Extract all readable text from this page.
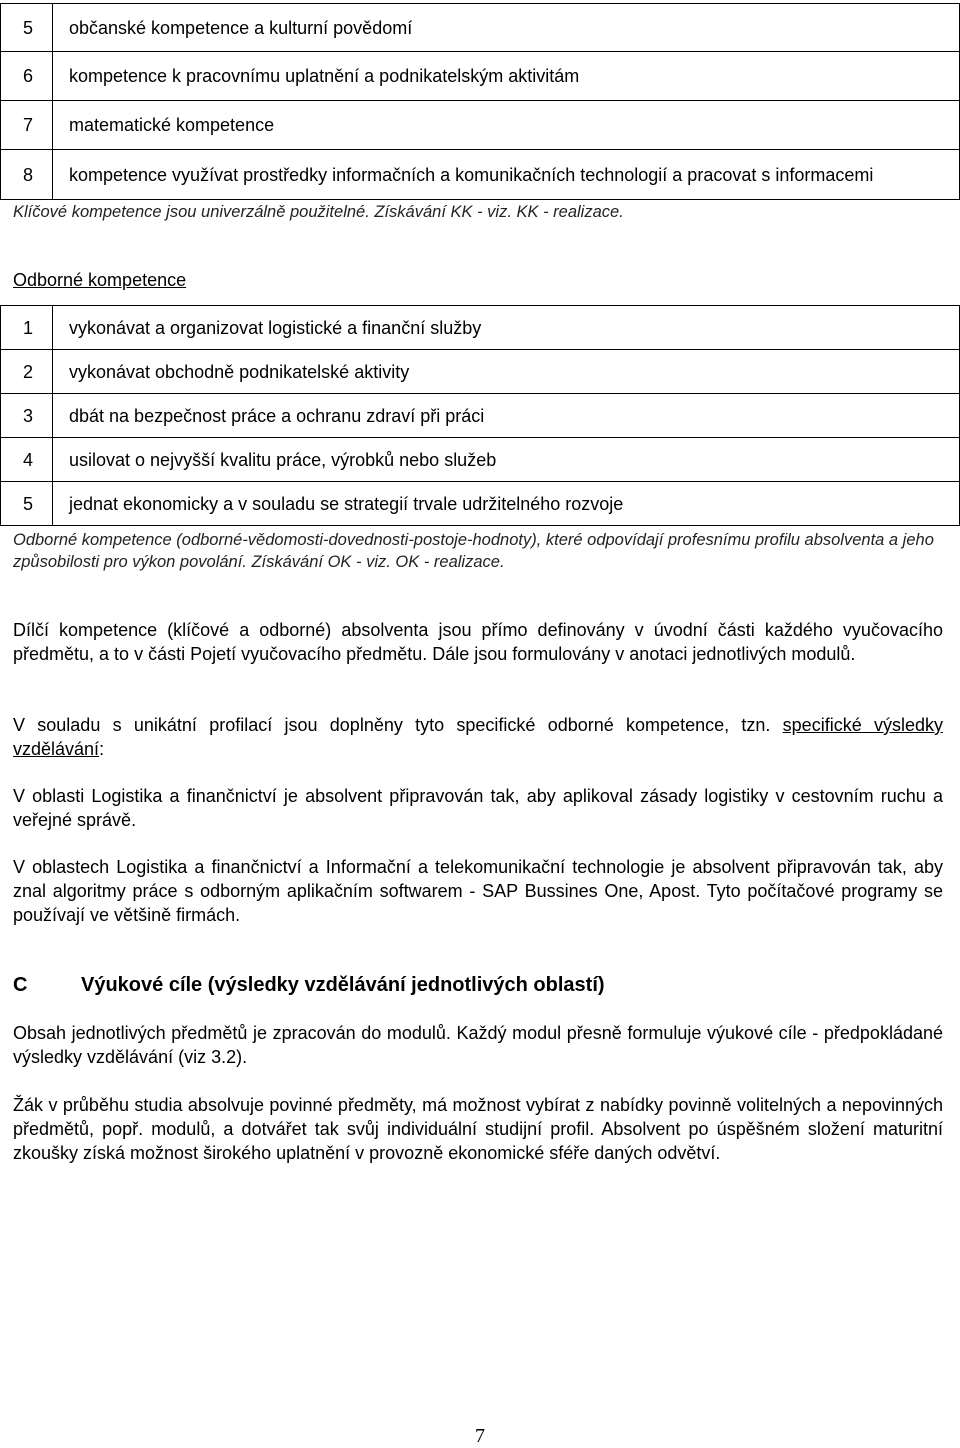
5	občanské kompetence a kulturní povědomí
6	kompetence k pracovnímu uplatnění a podnikatelským aktivitám
7	matematické kompetence
8	kompetence využívat prostředky informačních a komunikačních technologií a pracovat s informacemi
Klíčové kompetence jsou univerzálně použitelné. Získávání KK - viz. KK - realizace.
Odborné kompetence
1	vykonávat a organizovat logistické a finanční služby
2	vykonávat obchodně podnikatelské aktivity
3	dbát na bezpečnost práce a ochranu zdraví při práci
4	usilovat o nejvyšší kvalitu práce, výrobků nebo služeb
5	jednat ekonomicky a v souladu se strategií trvale udržitelného rozvoje
Odborné kompetence (odborné-vědomosti-dovednosti-postoje-hodnoty), které odpovídají profesnímu profilu absolventa a jeho způsobilosti pro výkon povolání. Získávání OK - viz. OK - realizace.
Dílčí kompetence (klíčové a odborné) absolventa jsou přímo definovány v úvodní části každého vyučovacího předmětu, a to v části Pojetí vyučovacího předmětu. Dále jsou formulovány v anotaci jednotlivých modulů.
V souladu s unikátní profilací jsou doplněny tyto specifické odborné kompetence, tzn. specifické výsledky vzdělávání:
V oblasti Logistika a finančnictví je absolvent připravován tak, aby aplikoval zásady logistiky v cestovním ruchu a veřejné správě.
V oblastech Logistika a finančnictví a Informační a telekomunikační technologie je absolvent připravován tak, aby znal algoritmy práce s odborným aplikačním softwarem - SAP Bussines One, Apost. Tyto počítačové programy se používají ve většině firmách.
C	Výukové cíle (výsledky vzdělávání jednotlivých oblastí)
Obsah jednotlivých předmětů je zpracován do modulů. Každý modul přesně formuluje výukové cíle - předpokládané výsledky vzdělávání (viz 3.2).
Žák v průběhu studia absolvuje povinné předměty, má možnost vybírat z nabídky povinně volitelných a nepovinných předmětů, popř. modulů, a dotvářet tak svůj individuální studijní profil. Absolvent po úspěšném složení maturitní zkoušky získá možnost širokého uplatnění v provozně ekonomické sféře daných odvětví.
7
